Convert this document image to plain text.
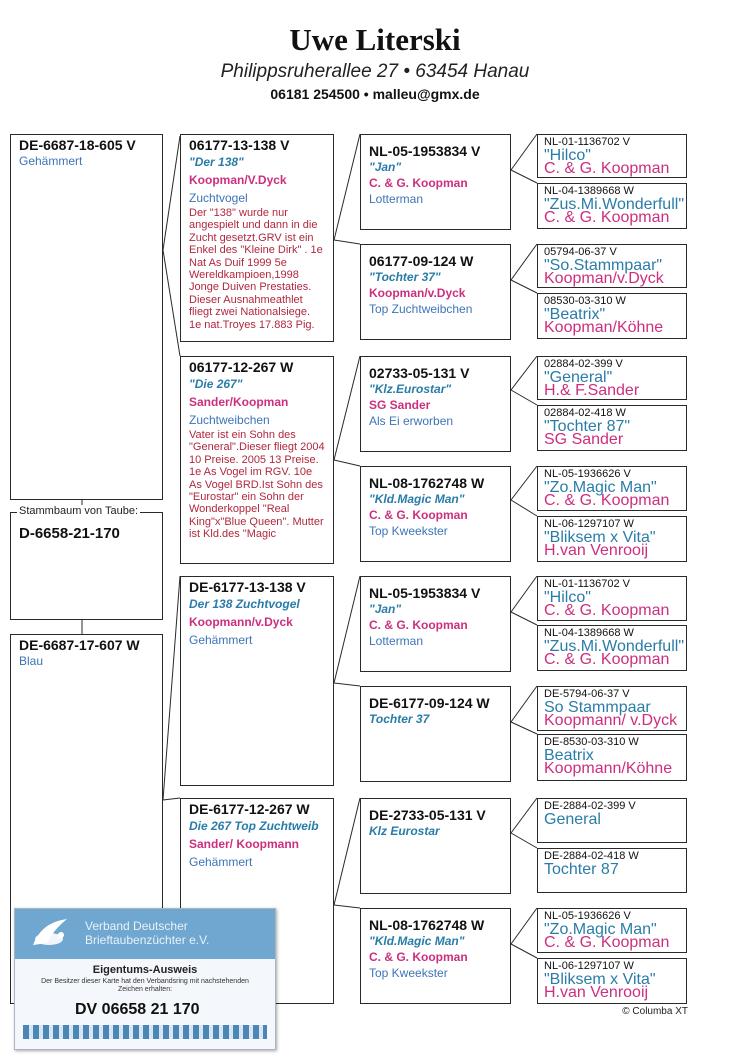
Uwe Literski
Philippsruherallee 27 • 63454 Hanau
06181 254500 • malleu@gmx.de
DE-6687-18-605 V
Gehämmert
D-6658-21-170
Stammbaum von Taube:
DE-6687-17-607 W
Blau
06177-13-138 V
"Der 138"
Koopman/V.Dyck
Zuchtvogel
Der "138" wurde nur angespielt und dann in die Zucht gesetzt.GRV ist ein Enkel des "Kleine Dirk" . 1e Nat As Duif 1999 5e Wereldkampioen,1998 Jonge Duiven Prestaties. Dieser Ausnahmeathlet fliegt zwei Nationalsiege. 1e nat.Troyes 17.883 Pig.
06177-12-267 W
"Die 267"
Sander/Koopman
Zuchtweibchen
Vater ist ein Sohn des "General".Dieser fliegt 2004 10 Preise. 2005 13 Preise. 1e As Vogel im RGV. 10e As Vogel BRD.Ist Sohn des "Eurostar" ein Sohn der Wonderkoppel "Real King"x"Blue Queen". Mutter ist Kld.des "Magic
DE-6177-13-138 V
Der 138 Zuchtvogel
Koopmann/v.Dyck
Gehämmert
DE-6177-12-267 W
Die 267 Top Zuchtweib
Sander/ Koopmann
Gehämmert
NL-05-1953834 V
"Jan"
C. & G. Koopman
Lotterman
06177-09-124 W
"Tochter 37"
Koopman/v.Dyck
Top Zuchtweibchen
02733-05-131 V
"Klz.Eurostar"
SG Sander
Als Ei erworben
NL-08-1762748 W
"Kld.Magic Man"
C. & G. Koopman
Top Kweekster
NL-05-1953834 V
"Jan"
C. & G. Koopman
Lotterman
DE-6177-09-124 W
Tochter 37
DE-2733-05-131 V
Klz Eurostar
NL-08-1762748 W
"Kld.Magic Man"
C. & G. Koopman
Top Kweekster
NL-01-1136702 V
"Hilco"
C. & G. Koopman
NL-04-1389668 W
"Zus.Mi.Wonderfull"
C. & G. Koopman
05794-06-37 V
"So.Stammpaar"
Koopman/v.Dyck
08530-03-310 W
"Beatrix"
Koopman/Köhne
02884-02-399 V
"General"
H.& F.Sander
02884-02-418 W
"Tochter 87"
SG Sander
NL-05-1936626 V
"Zo.Magic Man"
C. & G. Koopman
NL-06-1297107 W
"Bliksem x Vita"
H.van Venrooij
NL-01-1136702 V
"Hilco"
C. & G. Koopman
NL-04-1389668 W
"Zus.Mi.Wonderfull"
C. & G. Koopman
DE-5794-06-37 V
So Stammpaar
Koopmann/ v.Dyck
DE-8530-03-310 W
Beatrix
Koopmann/Köhne
DE-2884-02-399 V
General
DE-2884-02-418 W
Tochter 87
NL-05-1936626 V
"Zo.Magic Man"
C. & G. Koopman
NL-06-1297107 W
"Bliksem x Vita"
H.van Venrooij
Verband Deutscher
Brieftaubenzüchter e.V.
Eigentums-Ausweis
Der Besitzer dieser Karte hat den Verbandsring mit nachstehenden Zeichen erhalten:
DV 06658 21 170	© Columba XT
